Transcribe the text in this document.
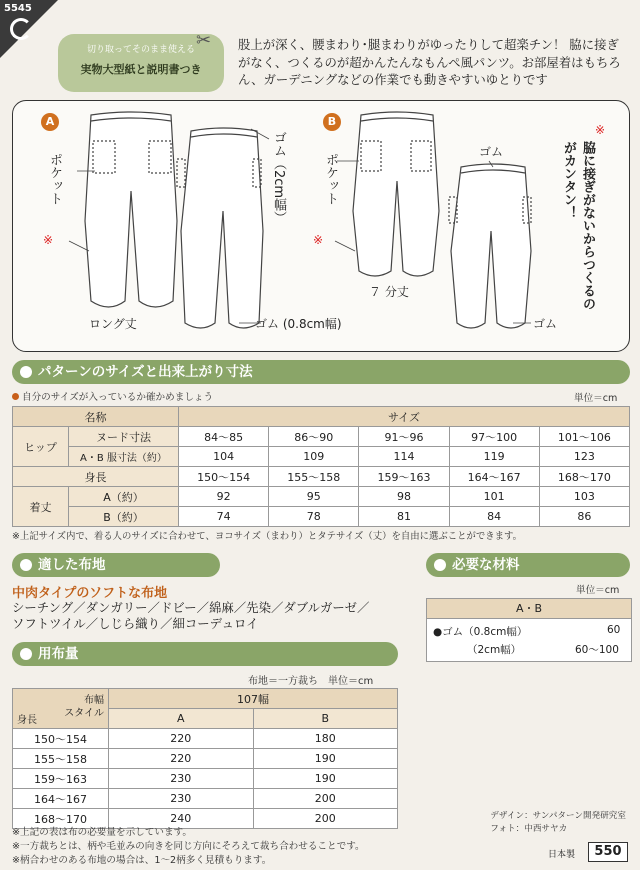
5545
切り取ってそのまま使える
実物大型紙と説明書つき
✂ 股上が深く、腰まわり･腿まわりがゆったりして超楽チン！ 脇に接ぎがなく、つくるのが超かんたんなもんぺ風パンツ。お部屋着はもちろん、ガーデニングなどの作業でも動きやすいゆとりです
A	B
ポケット	ポケット
※	※
ゴム（2cm幅）	ゴム
ゴム (0.8cm幅)	ゴム
ロング丈
７ 分丈
※
脇に接ぎがないからつくるのがカンタン！
パターンのサイズと出来上がり寸法
自分のサイズが入っているか確かめましょう	単位＝cm
名称		サイズ				
ヒップ	ヌード寸法	84～85	86～90	91～96	97～100	101～106
	A・B 服寸法（約）	104	109	114	119	123
身長		150～154	155～158	159～163	164～167	168～170
着丈	A（約）	92	95	98	101	103
	B（約）	74	78	81	84	86
※上記サイズ内で、着る人のサイズに合わせて、ヨコサイズ（まわり）とタテサイズ（丈）を自由に選ぶことができます。
適した布地
中肉タイプのソフトな布地
シーチング／ダンガリー／ドビー／綿麻／先染／ダブルガーゼ／ソフトツイル／しじら織り／細コーデュロイ
必要な材料
単位＝cm
A・B
●ゴム（0.8cm幅）	60
（2cm幅）	60～100
用布量
布地＝一方裁ち　単位＝cm
布幅
スタイル
身長	107幅	
	A	B
150～154	220	180
155～158	220	190
159～163	230	190
164～167	230	200
168～170	240	200
※上記の表は布の必要量を示しています。
※一方裁ちとは、柄や毛並みの向きを同じ方向にそろえて裁ち合わせることです。
※柄合わせのある布地の場合は、1～2柄多く見積もります。
デザイン：サンパターン開発研究室
フォト：中西サヤカ
日本製	550
